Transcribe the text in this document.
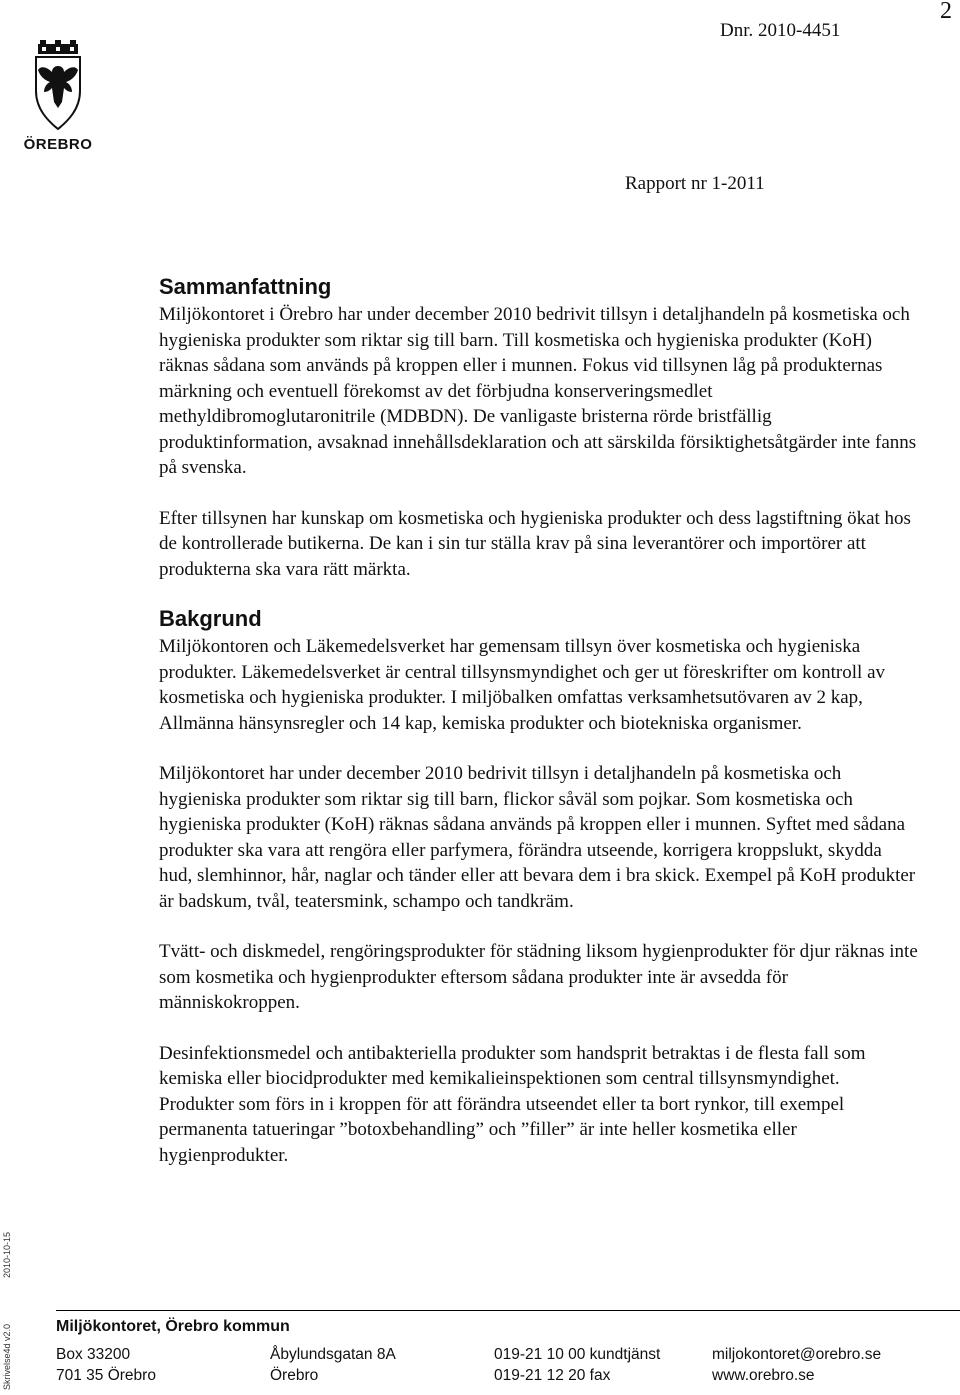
2
Dnr. 2010-4451
ÖREBRO
Rapport nr 1-2011
Sammanfattning

Miljökontoret i Örebro har under december 2010 bedrivit tillsyn i detaljhandeln på kosmetiska och hygieniska produkter som riktar sig till barn. Till kosmetiska och hygieniska produkter (KoH) räknas sådana som används på kroppen eller i munnen. Fokus vid tillsynen låg på produkternas märkning och eventuell förekomst av det förbjudna konserveringsmedlet methyldibromoglutaronitrile (MDBDN). De vanligaste bristerna rörde bristfällig produktinformation, avsaknad innehållsdeklaration och att särskilda försiktighetsåtgärder inte fanns på svenska.

Efter tillsynen har kunskap om kosmetiska och hygieniska produkter och dess lagstiftning ökat hos de kontrollerade butikerna. De kan i sin tur ställa krav på sina leverantörer och importörer att produkterna ska vara rätt märkta.

Bakgrund

Miljökontoren och Läkemedelsverket har gemensam tillsyn över kosmetiska och hygieniska produkter. Läkemedelsverket är central tillsynsmyndighet och ger ut föreskrifter om kontroll av kosmetiska och hygieniska produkter. I miljöbalken omfattas verksamhetsutövaren av 2 kap, Allmänna hänsynsregler och 14 kap, kemiska produkter och biotekniska organismer.

Miljökontoret har under december 2010 bedrivit tillsyn i detaljhandeln på kosmetiska och hygieniska produkter som riktar sig till barn, flickor såväl som pojkar. Som kosmetiska och hygieniska produkter (KoH) räknas sådana används på kroppen eller i munnen. Syftet med sådana produkter ska vara att rengöra eller parfymera, förändra utseende, korrigera kroppslukt, skydda hud, slemhinnor, hår, naglar och tänder eller att bevara dem i bra skick. Exempel på KoH produkter är badskum, tvål, teatersmink, schampo och tandkräm.

Tvätt- och diskmedel, rengöringsprodukter för städning liksom hygienprodukter för djur räknas inte som kosmetika och hygienprodukter eftersom sådana produkter inte är avsedda för människokroppen.

Desinfektionsmedel och antibakteriella produkter som handsprit betraktas i de flesta fall som kemiska eller biocidprodukter med kemikalieinspektionen som central tillsynsmyndighet. Produkter som förs in i kroppen för att förändra utseendet eller ta bort rynkor, till exempel permanenta tatueringar ”botoxbehandling” och ”filler” är inte heller kosmetika eller hygienprodukter.

2010-10-15
Skrivelse4d v2.0	Miljökontoret, Örebro kommun
Box 33200	Åbylundsgatan 8A	019-21 10 00 kundtjänst	miljokontoret@orebro.se
701 35 Örebro	Örebro	019-21 12 20 fax	www.orebro.se
